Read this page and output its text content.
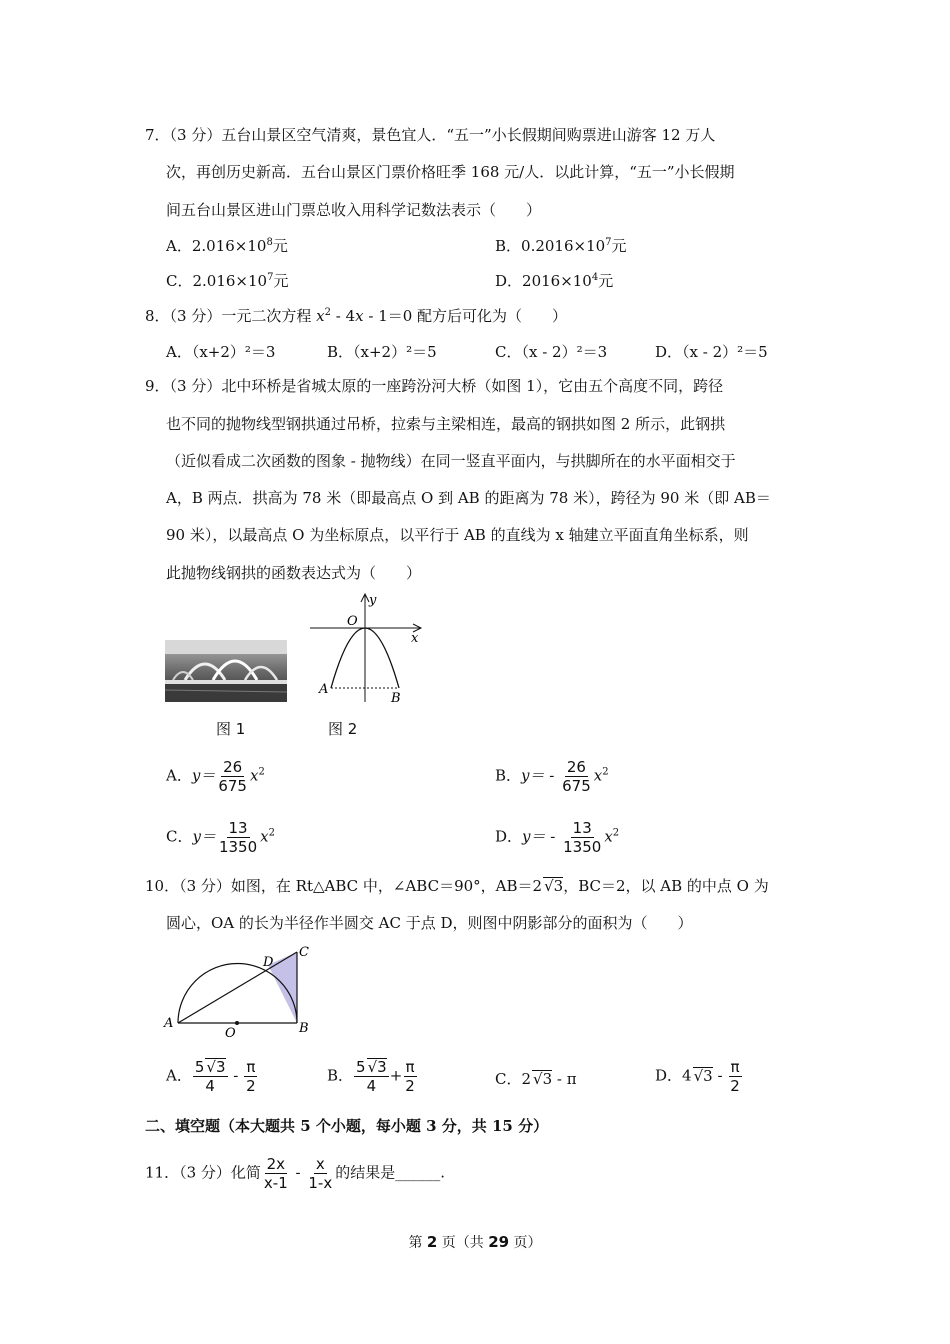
7．（3 分）五台山景区空气清爽，景色宜人．“五一”小长假期间购票进山游客 12 万人
次，再创历史新高．五台山景区门票价格旺季 168 元/人．以此计算，“五一”小长假期
间五台山景区进山门票总收入用科学记数法表示（　　）
A．$2.016\times 10^8$元	B．$0.2016\times 10^7$元
C．$2.016\times 10^7$元	D．$2016\times 10^4$元
8．（3 分）一元二次方程 $x^2 - 4x - 1=0$ 配方后可化为（　　）
A．（x+2）²＝3	B．（x+2）²＝5	C．（x - 2）²＝3	D．（x - 2）²＝5
9．（3 分）北中环桥是省城太原的一座跨汾河大桥（如图 1），它由五个高度不同，跨径
也不同的抛物线型钢拱通过吊桥，拉索与主梁相连，最高的钢拱如图 2 所示，此钢拱
（近似看成二次函数的图象 - 抛物线）在同一竖直平面内，与拱脚所在的水平面相交于
A，B 两点．拱高为 78 米（即最高点 O 到 AB 的距离为 78 米），跨径为 90 米（即 AB＝
90 米），以最高点 O 为坐标原点，以平行于 AB 的直线为 x 轴建立平面直角坐标系，则
此抛物线钢拱的函数表达式为（　　）
图 1
y
O
x
A
B
图 2
A．$y= \frac{26}{675} x^2$	B．$y= - \frac{26}{675} x^2$
C．$y= \frac{13}{1350} x^2$	D．$y= - \frac{13}{1350} x^2$
10．（3 分）如图，在 Rt△ABC 中，∠ABC＝90°，AB＝2 √3，BC＝2，以 AB 的中点 O 为
圆心，OA 的长为半径作半圆交 AC 于点 D，则图中阴影部分的面积为（　　）
A	B
C
D
O
A． $\frac{5 √3}{4} - \frac{\pi}{2}$	B． $\frac{5 √3}{4} + \frac{\pi}{2}$	C．2 √3 - π	D．4 $√3 - \frac{\pi}{2}$
二、填空题（本大题共 5 个小题，每小题 3 分，共 15 分）
11．（3 分）化简 $\frac{2x}{x-1} - \frac{x}{1-x}$ 的结果是______.
第 2 页（共 29 页）
